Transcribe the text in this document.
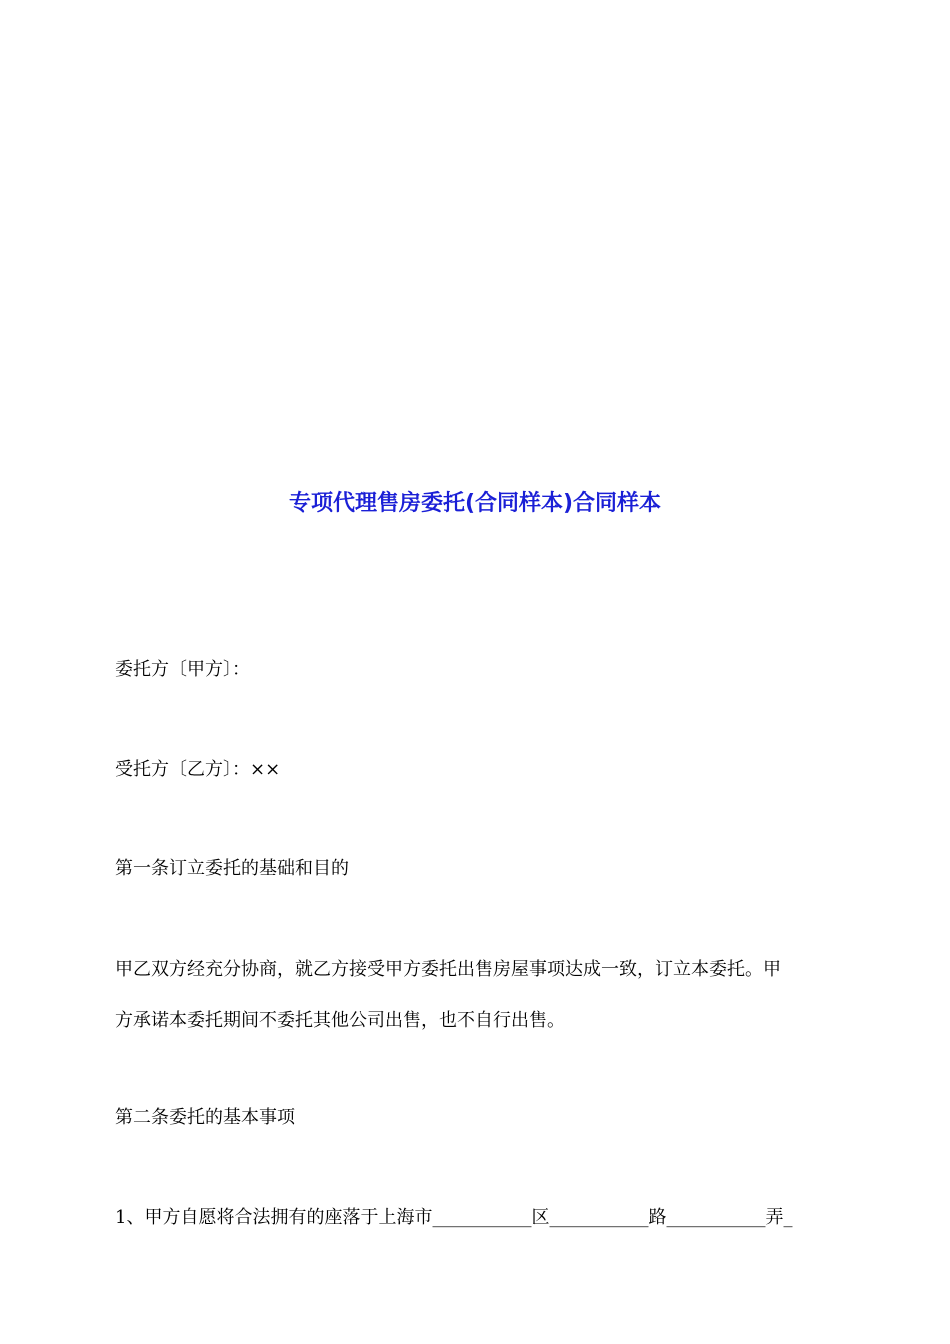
专项代理售房委托(合同样本)合同样本
委托方〔甲方〕：
受托方〔乙方〕：××
第一条订立委托的基础和目的
甲乙双方经充分协商，就乙方接受甲方委托出售房屋事项达成一致，订立本委托。甲
方承诺本委托期间不委托其他公司出售，也不自行出售。
第二条委托的基本事项
1、甲方自愿将合法拥有的座落于上海市___________区___________路___________弄_
